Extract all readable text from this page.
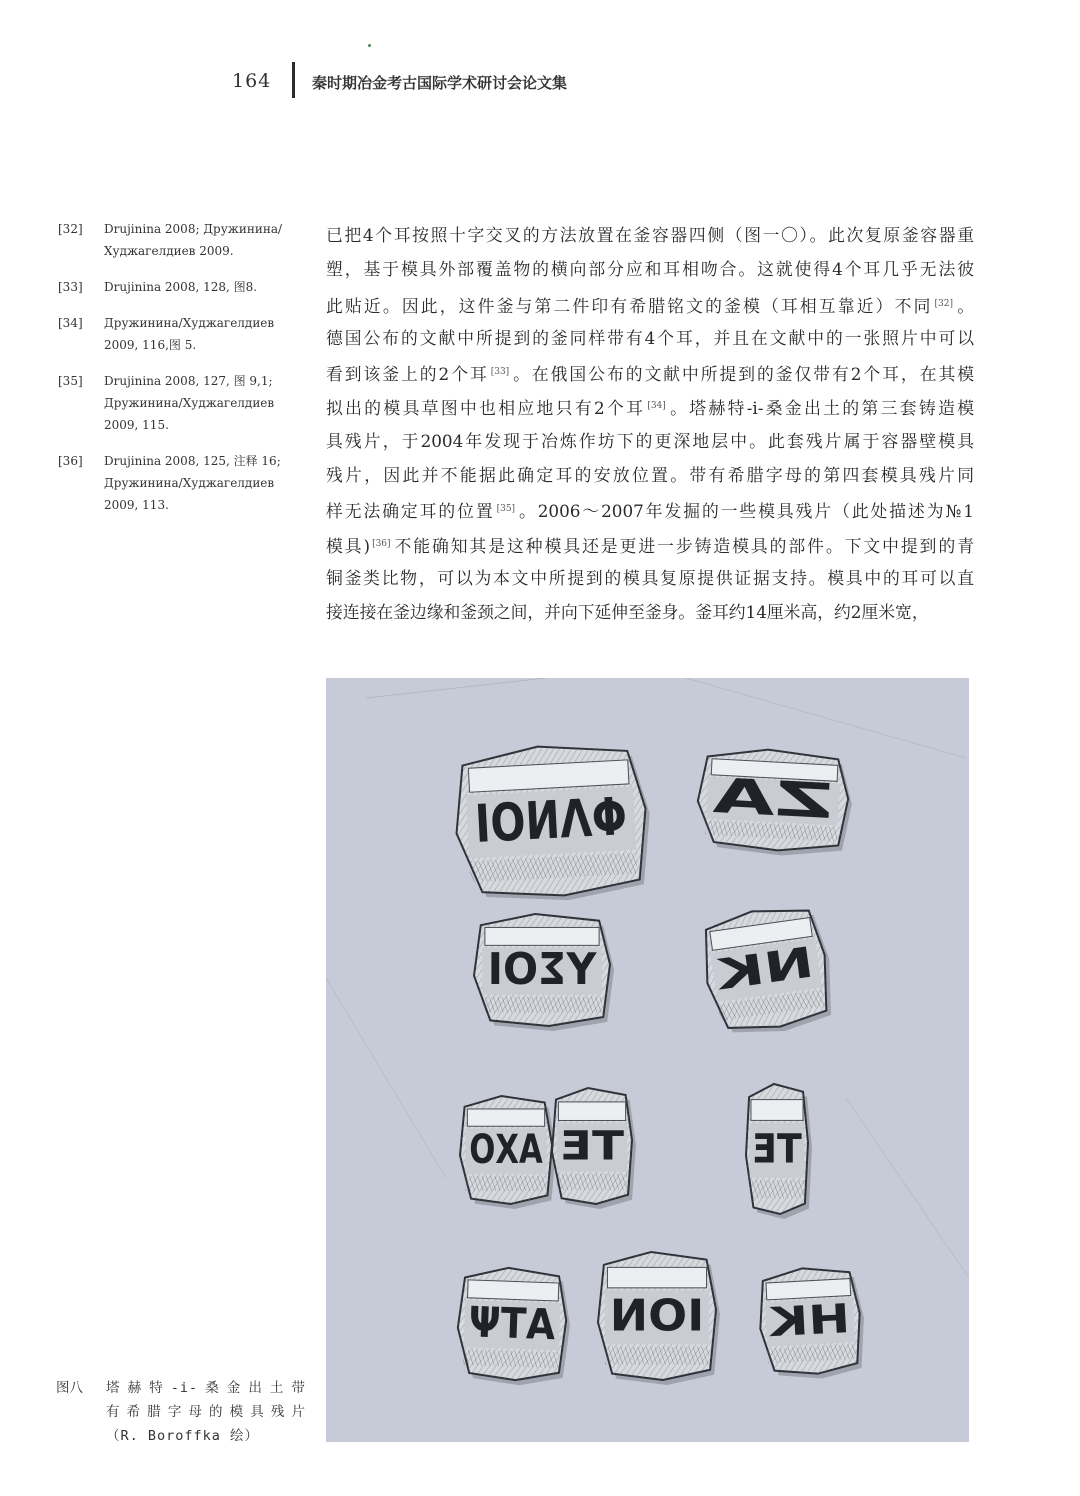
164	秦时期冶金考古国际学术研讨会论文集
[32]	Drujinina 2008; Дружинина/
Худжагелдиев 2009.
[33]	Drujinina 2008, 128, 图8.
[34]	Дружинина/Худжагелдиев
2009, 116,图 5.
[35]	Drujinina 2008, 127, 图 9,1;
Дружинина/Худжагелдиев
2009, 115.
[36]	Drujinina 2008, 125, 注释 16;
Дружинина/Худжагелдиев
2009, 113.
已把4个耳按照十字交叉的方法放置在釜容器四侧（图一〇）。此次复原釜容器重
塑，基于模具外部覆盖物的横向部分应和耳相吻合。这就使得4个耳几乎无法彼
此贴近。因此，这件釜与第二件印有希腊铭文的釜模（耳相互靠近）不同 [32] 。
德国公布的文献中所提到的釜同样带有4个耳，并且在文献中的一张照片中可以
看到该釜上的2个耳 [33] 。在俄国公布的文献中所提到的釜仅带有2个耳，在其模
拟出的模具草图中也相应地只有2个耳 [34] 。塔赫特-i-桑金出土的第三套铸造模
具残片，于2004年发现于冶炼作坊下的更深地层中。此套残片属于容器壁模具
残片，因此并不能据此确定耳的安放位置。带有希腊字母的第四套模具残片同
样无法确定耳的位置 [35] 。2006～2007年发掘的一些模具残片（此处描述为№1
模具) [36] 不能确知其是这种模具还是更进一步铸造模具的部件。下文中提到的青
铜釜类比物，可以为本文中所提到的模具复原提供证据支持。模具中的耳可以直
接连接在釜边缘和釜颈之间，并向下延伸至釜身。釜耳约14厘米高，约2厘米宽，
ΦΛΝΟΙ	ΖΑ
ΥΣΟΙ	ΝΚ
ΑΧΟ ΤΕ	ΤΕ
ΑΤΨ ΙΟΝ	ΗΚ
图八 塔赫特-i-桑金出土带
有希腊字母的模具残片
（R. Boroffka 绘）
